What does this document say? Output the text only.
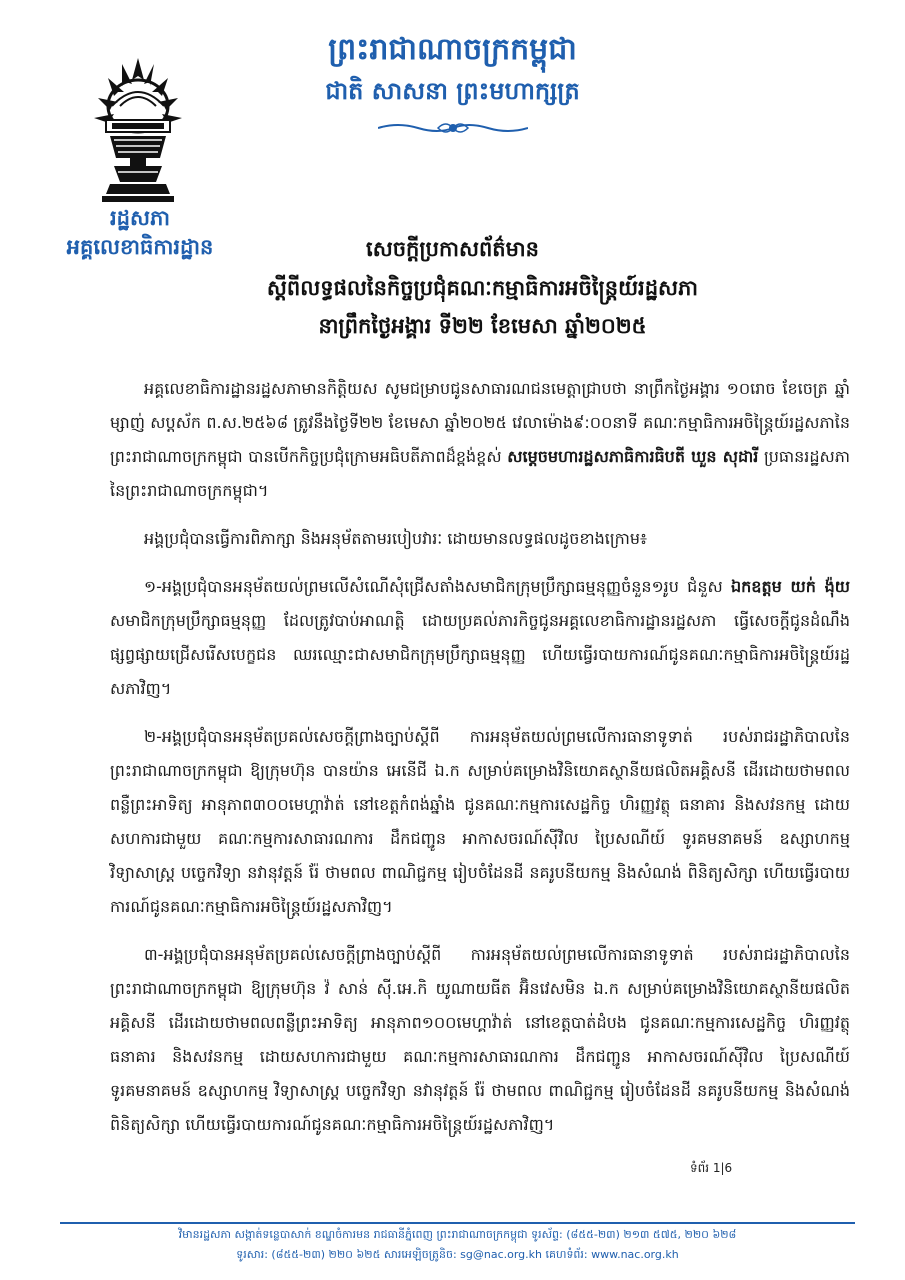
រដ្ឋសភា
អគ្គលេខាធិការដ្ឋាន
ព្រះរាជាណាចក្រកម្ពុជា
ជាតិ សាសនា ព្រះមហាក្សត្រ
សេចក្តីប្រកាសព័ត៌មាន
ស្តីពីលទ្ធផលនៃកិច្ចប្រជុំគណៈកម្មាធិការអចិន្ត្រៃយ៍រដ្ឋសភា
នាព្រឹកថ្ងៃអង្គារ ទី២២ ខែមេសា ឆ្នាំ២០២៥

អគ្គលេខាធិការដ្ឋានរដ្ឋសភាមានកិត្តិយស សូមជម្រាបជូនសាធារណជនមេត្តាជ្រាបថា នាព្រឹកថ្ងៃអង្គារ ១០រោច ខែចេត្រ ឆ្នាំម្សាញ់ សប្តស័ក ព.ស.២៥៦៨ ត្រូវនឹងថ្ងៃទី២២ ខែមេសា ឆ្នាំ២០២៥ វេលាម៉ោង៩:០០នាទី គណៈកម្មាធិការអចិន្ត្រៃយ៍រដ្ឋសភានៃព្រះរាជាណាចក្រកម្ពុជា បានបើកកិច្ចប្រជុំក្រោមអធិបតីភាពដ៏ខ្ពង់ខ្ពស់ សម្តេចមហារដ្ឋសភាធិការធិបតី ឃួន សុដារី ប្រធានរដ្ឋសភានៃព្រះរាជាណាចក្រកម្ពុជា។

អង្គប្រជុំបានធ្វើការពិភាក្សា និងអនុម័តតាមរបៀបវារៈ ដោយមានលទ្ធផលដូចខាងក្រោម៖

១-អង្គប្រជុំបានអនុម័តយល់ព្រមលើសំណើសុំជ្រើសតាំងសមាជិកក្រុមប្រឹក្សាធម្មនុញ្ញចំនួន១រូប ជំនួស ឯកឧត្តម យក់ ង៉ុយ សមាជិកក្រុមប្រឹក្សាធម្មនុញ្ញ ដែលត្រូវបាប់អាណត្តិ ដោយប្រគល់ភារកិច្ចជូនអគ្គលេខាធិការដ្ឋានរដ្ឋសភា ធ្វើសេចក្តីជូនដំណឹងផ្សព្វផ្សាយជ្រើសរើសបេក្ខជន ឈរឈ្មោះជាសមាជិកក្រុមប្រឹក្សាធម្មនុញ្ញ ហើយធ្វើរបាយការណ៍ជូនគណៈកម្មាធិការអចិន្ត្រៃយ៍រដ្ឋសភាវិញ។

២-អង្គប្រជុំបានអនុម័តប្រគល់សេចក្តីព្រាងច្បាប់ស្តីពី ការអនុម័តយល់ព្រមលើការធានាទូទាត់ របស់រាជរដ្ឋាភិបាលនៃព្រះរាជាណាចក្រកម្ពុជា ឱ្យក្រុមហ៊ុន បានយ៉ាន អេនើជី ឯ.ក សម្រាប់គម្រោងវិនិយោគស្ថានីយផលិតអគ្គិសនី ដើរដោយថាមពលពន្លឺព្រះអាទិត្យ អានុភាព៣០០មេហ្គាវ៉ាត់ នៅខេត្តកំពង់ឆ្នាំង ជូនគណៈកម្មការសេដ្ឋកិច្ច ហិរញ្ញវត្ថុ ធនាគារ និងសវនកម្ម ដោយសហការជាមួយ គណៈកម្មការសាធារណការ ដឹកជញ្ជូន អាកាសចរណ៍ស៊ីវិល ប្រៃសណីយ៍ ទូរគមនាគមន៍ ឧស្សាហកម្ម វិទ្យាសាស្ត្រ បច្ចេកវិទ្យា នវានុវត្តន៍ រ៉ែ ថាមពល ពាណិជ្ជកម្ម រៀបចំដែនដី នគរូបនីយកម្ម និងសំណង់ ពិនិត្យសិក្សា ហើយធ្វើរបាយការណ៍ជូនគណៈកម្មាធិការអចិន្ត្រៃយ៍រដ្ឋសភាវិញ។

៣-អង្គប្រជុំបានអនុម័តប្រគល់សេចក្តីព្រាងច្បាប់ស្តីពី ការអនុម័តយល់ព្រមលើការធានាទូទាត់ របស់រាជរដ្ឋាភិបាលនៃព្រះរាជាណាចក្រកម្ពុជា ឱ្យក្រុមហ៊ុន វ៉ សាន់ ស៊ី.អេ.កិ យូណាយធីត អ៊ិនវេសមិន ឯ.ក សម្រាប់គម្រោងវិនិយោគស្ថានីយផលិតអគ្គិសនី ដើរដោយថាមពលពន្លឺព្រះអាទិត្យ អានុភាព១០០មេហ្គាវ៉ាត់ នៅខេត្តបាត់ដំបង ជូនគណៈកម្មការសេដ្ឋកិច្ច ហិរញ្ញវត្ថុ ធនាគារ និងសវនកម្ម ដោយសហការជាមួយ គណៈកម្មការសាធារណការ ដឹកជញ្ជូន អាកាសចរណ៍ស៊ីវិល ប្រៃសណីយ៍ ទូរគមនាគមន៍ ឧស្សាហកម្ម វិទ្យាសាស្ត្រ បច្ចេកវិទ្យា នវានុវត្តន៍ រ៉ែ ថាមពល ពាណិជ្ជកម្ម រៀបចំដែនដី នគរូបនីយកម្ម និងសំណង់ ពិនិត្យសិក្សា ហើយធ្វើរបាយការណ៍ជូនគណៈកម្មាធិការអចិន្ត្រៃយ៍រដ្ឋសភាវិញ។

ទំព័រ 1|6
វិមានរដ្ឋសភា សង្កាត់ទន្លេបាសាក់ ខណ្ឌចំការមន រាជធានីភ្នំពេញ ព្រះរាជាណាចក្រកម្ពុជា ទូរស័ព្ទ: (៨៥៥-២៣) ២១៣ ៥៧៥, ២២០ ៦២៨
ទូរសារ: (៨៥៥-២៣) ២២០ ៦២៥ សារអេឡិចត្រូនិច: sg@nac.org.kh គេហទំព័រ: www.nac.org.kh
